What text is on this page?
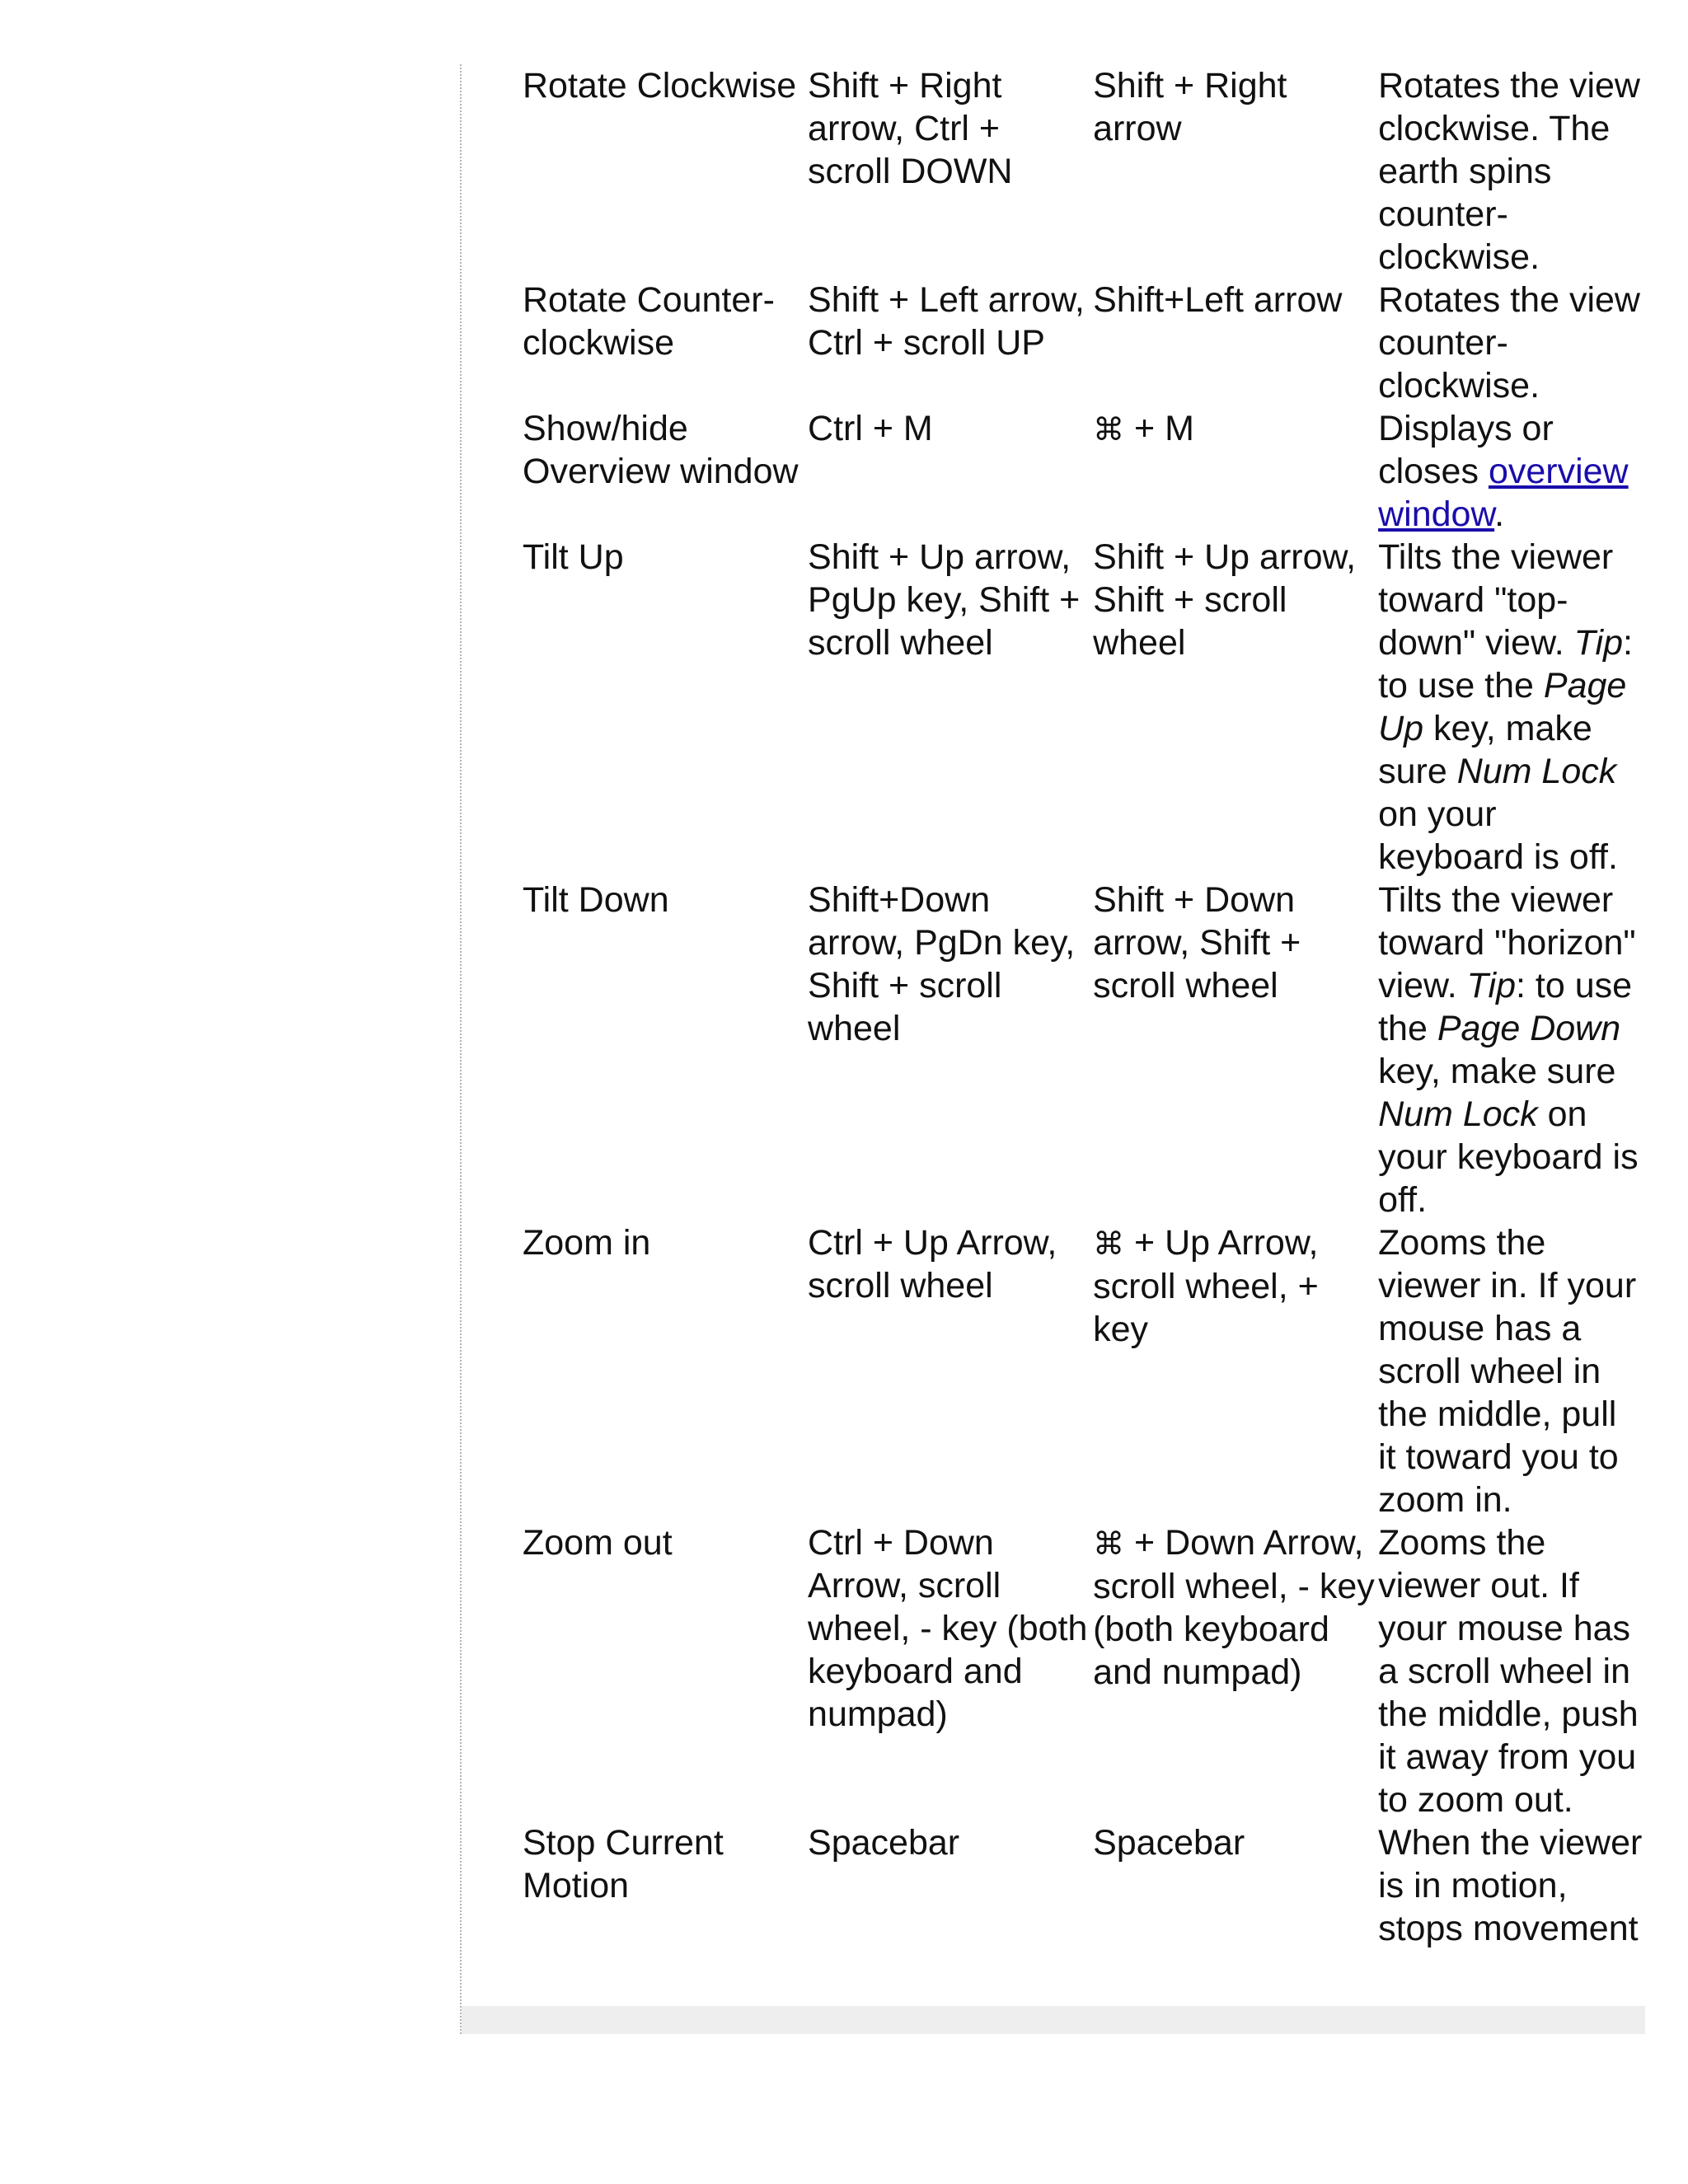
Rotate Clockwise	Shift + Right arrow, Ctrl + scroll DOWN	Shift + Right arrow	Rotates the view clockwise. The earth spins counter-clockwise.
Rotate Counter-clockwise	Shift + Left arrow, Ctrl + scroll UP	Shift+Left arrow	Rotates the view counter-clockwise.
Show/hide Overview window	Ctrl + M	⌘ + M	Displays or closes overview window.
Tilt Up	Shift + Up arrow, PgUp key, Shift + scroll wheel	Shift + Up arrow, Shift + scroll wheel	Tilts the viewer toward "top-down" view. Tip: to use the Page Up key, make sure Num Lock on your keyboard is off.
Tilt Down	Shift+Down arrow, PgDn key, Shift + scroll wheel	Shift + Down arrow, Shift + scroll wheel	Tilts the viewer toward "horizon" view. Tip: to use the Page Down key, make sure Num Lock on your keyboard is off.
Zoom in	Ctrl + Up Arrow, scroll wheel	⌘ + Up Arrow, scroll wheel, + key	Zooms the viewer in. If your mouse has a scroll wheel in the middle, pull it toward you to zoom in.
Zoom out	Ctrl + Down Arrow, scroll wheel, - key (both keyboard and numpad)	⌘ + Down Arrow, scroll wheel, - key (both keyboard and numpad)	Zooms the viewer out. If your mouse has a scroll wheel in the middle, push it away from you to zoom out.
Stop Current Motion	Spacebar	Spacebar	When the viewer is in motion, stops movement
